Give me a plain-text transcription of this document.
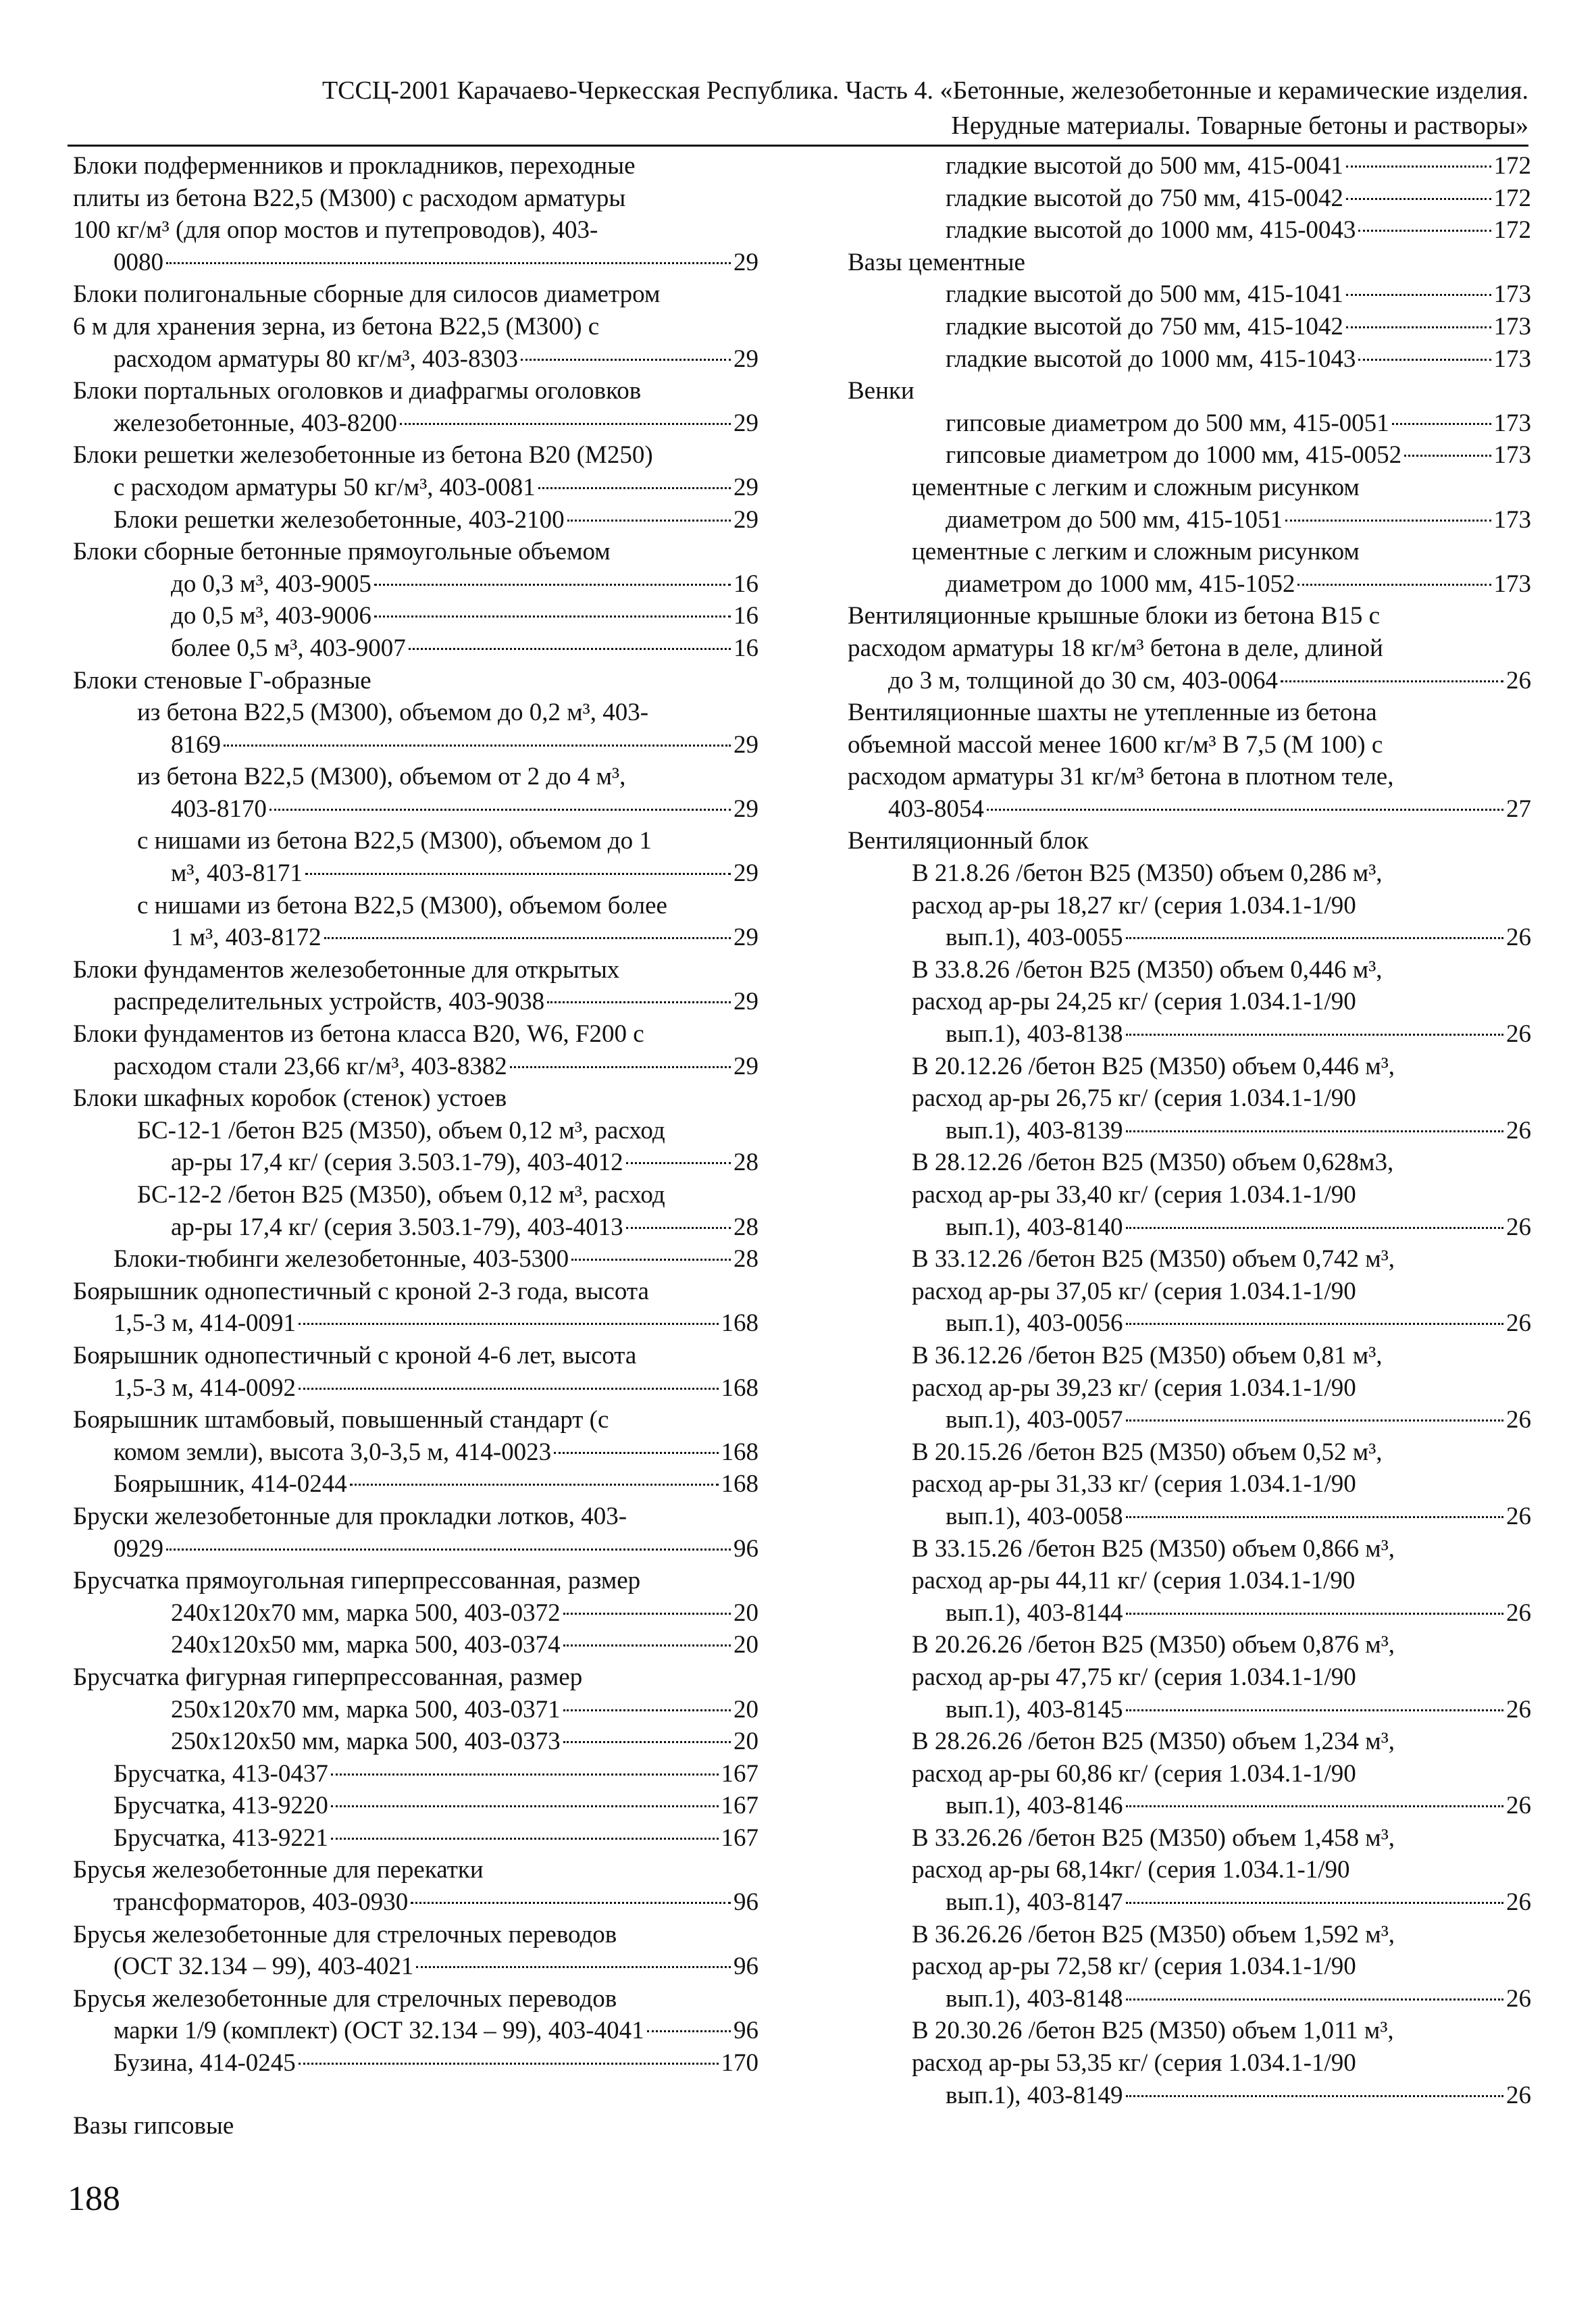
ТССЦ-2001 Карачаево-Черкесская Республика. Часть 4. «Бетонные, железобетонные и керамические изделия.
Нерудные материалы. Товарные бетоны и растворы»
Блоки подферменников и прокладников, переходные
плиты из бетона В22,5 (М300) с расходом арматуры
100 кг/м³ (для опор мостов и путепроводов), 403-
0080	29
Блоки полигональные сборные для силосов диаметром
6 м для хранения зерна, из бетона В22,5 (М300) с
расходом арматуры 80 кг/м³, 403-8303	29
Блоки портальных оголовков и диафрагмы оголовков
железобетонные, 403-8200	29
Блоки решетки железобетонные из бетона В20 (М250)
с расходом арматуры 50 кг/м³, 403-0081	29
Блоки решетки железобетонные, 403-2100	29
Блоки сборные бетонные прямоугольные объемом
до 0,3 м³, 403-9005	16
до 0,5 м³, 403-9006	16
более 0,5 м³, 403-9007	16
Блоки стеновые Г-образные
из бетона В22,5 (М300), объемом до 0,2 м³, 403-
8169	29
из бетона В22,5 (М300), объемом от 2 до 4 м³,
403-8170	29
с нишами из бетона В22,5 (М300), объемом до 1
м³, 403-8171	29
с нишами из бетона В22,5 (М300), объемом более
1 м³, 403-8172	29
Блоки фундаментов железобетонные для открытых
распределительных устройств, 403-9038	29
Блоки фундаментов из бетона класса В20, W6, F200 с
расходом стали 23,66 кг/м³, 403-8382	29
Блоки шкафных коробок (стенок) устоев
БС-12-1 /бетон В25 (М350), объем 0,12 м³, расход
ар-ры 17,4 кг/ (серия 3.503.1-79), 403-4012	28
БС-12-2 /бетон В25 (М350), объем 0,12 м³, расход
ар-ры 17,4 кг/ (серия 3.503.1-79), 403-4013	28
Блоки-тюбинги железобетонные, 403-5300	28
Боярышник однопестичный с кроной 2-3 года, высота
1,5-3 м, 414-0091	168
Боярышник однопестичный с кроной 4-6 лет, высота
1,5-3 м, 414-0092	168
Боярышник штамбовый, повышенный стандарт (с
комом земли), высота 3,0-3,5 м, 414-0023	168
Боярышник, 414-0244	168
Бруски железобетонные для прокладки лотков, 403-
0929	96
Брусчатка прямоугольная гиперпрессованная, размер
240x120x70 мм, марка 500, 403-0372	20
240x120x50 мм, марка 500, 403-0374	20
Брусчатка фигурная гиперпрессованная, размер
250x120x70 мм, марка 500, 403-0371	20
250x120x50 мм, марка 500, 403-0373	20
Брусчатка, 413-0437	167
Брусчатка, 413-9220	167
Брусчатка, 413-9221	167
Брусья железобетонные для перекатки
трансформаторов, 403-0930	96
Брусья железобетонные для стрелочных переводов
(ОСТ 32.134 – 99), 403-4021	96
Брусья железобетонные для стрелочных переводов
марки 1/9 (комплект) (ОСТ 32.134 – 99), 403-4041	96
Бузина, 414-0245	170
гладкие высотой до 500 мм, 415-0041	172
гладкие высотой до 750 мм, 415-0042	172
гладкие высотой до 1000 мм, 415-0043	172
Вазы цементные
гладкие высотой до 500 мм, 415-1041	173
гладкие высотой до 750 мм, 415-1042	173
гладкие высотой до 1000 мм, 415-1043	173
Венки
гипсовые диаметром до 500 мм, 415-0051	173
гипсовые диаметром до 1000 мм, 415-0052	173
цементные с легким и сложным рисунком
диаметром до 500 мм, 415-1051	173
цементные с легким и сложным рисунком
диаметром до 1000 мм, 415-1052	173
Вентиляционные крышные блоки из бетона В15 с
расходом арматуры 18 кг/м³ бетона в деле, длиной
до 3 м, толщиной до 30 см, 403-0064	26
Вентиляционные шахты не утепленные из бетона
объемной массой менее 1600 кг/м³ В 7,5 (М 100) с
расходом арматуры 31 кг/м³ бетона в плотном теле,
403-8054	27
Вентиляционный блок
В 21.8.26 /бетон В25 (М350) объем 0,286 м³,
расход ар-ры 18,27 кг/ (серия 1.034.1-1/90
вып.1), 403-0055	26
В 33.8.26 /бетон В25 (М350) объем 0,446 м³,
расход ар-ры 24,25 кг/ (серия 1.034.1-1/90
вып.1), 403-8138	26
В 20.12.26 /бетон В25 (М350) объем 0,446 м³,
расход ар-ры 26,75 кг/ (серия 1.034.1-1/90
вып.1), 403-8139	26
В 28.12.26 /бетон В25 (М350) объем 0,628м3,
расход ар-ры 33,40 кг/ (серия 1.034.1-1/90
вып.1), 403-8140	26
В 33.12.26 /бетон В25 (М350) объем 0,742 м³,
расход ар-ры 37,05 кг/ (серия 1.034.1-1/90
вып.1), 403-0056	26
В 36.12.26 /бетон В25 (М350) объем 0,81 м³,
расход ар-ры 39,23 кг/ (серия 1.034.1-1/90
вып.1), 403-0057	26
В 20.15.26 /бетон В25 (М350) объем 0,52 м³,
расход ар-ры 31,33 кг/ (серия 1.034.1-1/90
вып.1), 403-0058	26
В 33.15.26 /бетон В25 (М350) объем 0,866 м³,
расход ар-ры 44,11 кг/ (серия 1.034.1-1/90
вып.1), 403-8144	26
В 20.26.26 /бетон В25 (М350) объем 0,876 м³,
расход ар-ры 47,75 кг/ (серия 1.034.1-1/90
вып.1), 403-8145	26
В 28.26.26 /бетон В25 (М350) объем 1,234 м³,
расход ар-ры 60,86 кг/ (серия 1.034.1-1/90
вып.1), 403-8146	26
В 33.26.26 /бетон В25 (М350) объем 1,458 м³,
расход ар-ры 68,14кг/ (серия 1.034.1-1/90
вып.1), 403-8147	26
В 36.26.26 /бетон В25 (М350) объем 1,592 м³,
расход ар-ры 72,58 кг/ (серия 1.034.1-1/90
вып.1), 403-8148	26
В 20.30.26 /бетон В25 (М350) объем 1,011 м³,
расход ар-ры 53,35 кг/ (серия 1.034.1-1/90
вып.1), 403-8149	26
Вазы гипсовые
188
